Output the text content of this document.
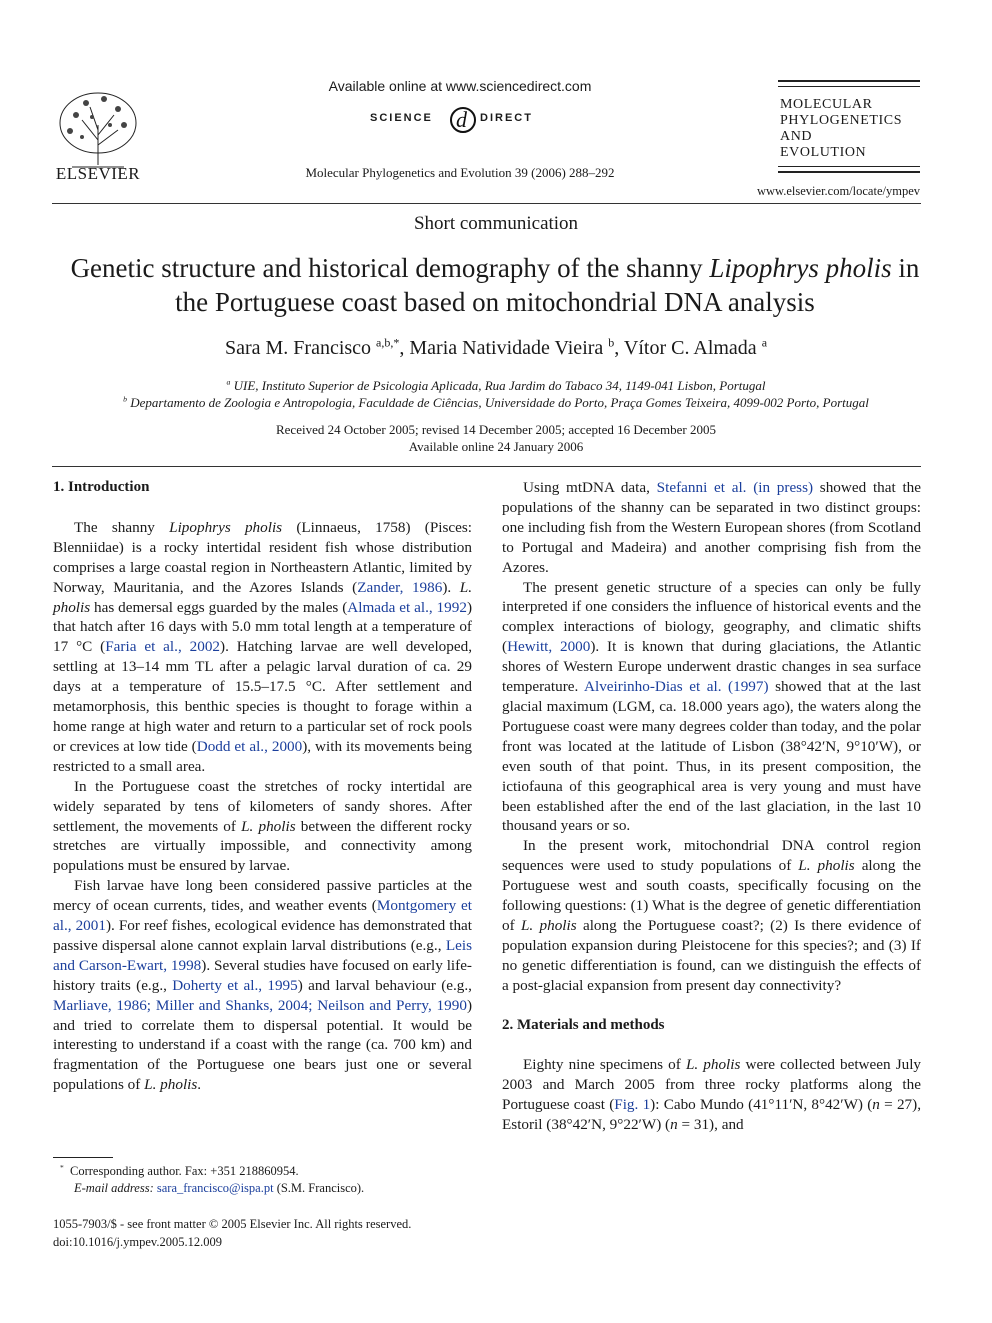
ELSEVIER
Available online at www.sciencedirect.com
SCIENCE d DIRECT
Molecular Phylogenetics and Evolution 39 (2006) 288–292
MOLECULAR
PHYLOGENETICS
AND
EVOLUTION
www.elsevier.com/locate/ympev
Short communication
Genetic structure and historical demography of the shanny Lipophrys pholis in the Portuguese coast based on mitochondrial DNA analysis
Sara M. Francisco $^{a,b,*}$, Maria Natividade Vieira $^b$, Vítor C. Almada $^a$
$^a$ UIE, Instituto Superior de Psicologia Aplicada, Rua Jardim do Tabaco 34, 1149-041 Lisbon, Portugal
$^b$ Departamento de Zoologia e Antropologia, Faculdade de Ciências, Universidade do Porto, Praça Gomes Teixeira, 4099-002 Porto, Portugal
Received 24 October 2005; revised 14 December 2005; accepted 16 December 2005
Available online 24 January 2006
1. Introduction

The shanny Lipophrys pholis (Linnaeus, 1758) (Pisces: Blenniidae) is a rocky intertidal resident fish whose distribution comprises a large coastal region in Northeastern Atlantic, limited by Norway, Mauritania, and the Azores Islands (Zander, 1986). L. pholis has demersal eggs guarded by the males (Almada et al., 1992) that hatch after 16 days with 5.0 mm total length at a temperature of 17 °C (Faria et al., 2002). Hatching larvae are well developed, settling at 13–14 mm TL after a pelagic larval duration of ca. 29 days at a temperature of 15.5–17.5 °C. After settlement and metamorphosis, this benthic species is thought to forage within a home range at high water and return to a particular set of rock pools or crevices at low tide (Dodd et al., 2000), with its movements being restricted to a small area.

In the Portuguese coast the stretches of rocky intertidal are widely separated by tens of kilometers of sandy shores. After settlement, the movements of L. pholis between the different rocky stretches are virtually impossible, and connectivity among populations must be ensured by larvae.

Fish larvae have long been considered passive particles at the mercy of ocean currents, tides, and weather events (Montgomery et al., 2001). For reef fishes, ecological evidence has demonstrated that passive dispersal alone cannot explain larval distributions (e.g., Leis and Carson-Ewart, 1998). Several studies have focused on early life-history traits (e.g., Doherty et al., 1995) and larval behaviour (e.g., Marliave, 1986; Miller and Shanks, 2004; Neilson and Perry, 1990) and tried to correlate them to dispersal potential. It would be interesting to understand if a coast with the range (ca. 700 km) and fragmentation of the Portuguese one bears just one or several populations of L. pholis.

Using mtDNA data, Stefanni et al. (in press) showed that the populations of the shanny can be separated in two distinct groups: one including fish from the Western European shores (from Scotland to Portugal and Madeira) and another comprising fish from the Azores.

The present genetic structure of a species can only be fully interpreted if one considers the influence of historical events and the complex interactions of biology, geography, and climatic shifts (Hewitt, 2000). It is known that during glaciations, the Atlantic shores of Western Europe underwent drastic changes in sea surface temperature. Alveirinho-Dias et al. (1997) showed that at the last glacial maximum (LGM, ca. 18.000 years ago), the waters along the Portuguese coast were many degrees colder than today, and the polar front was located at the latitude of Lisbon (38°42′N, 9°10′W), or even south of that point. Thus, in its present composition, the ictiofauna of this geographical area is very young and must have been established after the end of the last glaciation, in the last 10 thousand years or so.

In the present work, mitochondrial DNA control region sequences were used to study populations of L. pholis along the Portuguese west and south coasts, specifically focusing on the following questions: (1) What is the degree of genetic differentiation of L. pholis along the Portuguese coast?; (2) Is there evidence of population expansion during Pleistocene for this species?; and (3) If no genetic differentiation is found, can we distinguish the effects of a post-glacial expansion from present day connectivity?

2. Materials and methods

Eighty nine specimens of L. pholis were collected between July 2003 and March 2005 from three rocky platforms along the Portuguese coast (Fig. 1): Cabo Mundo (41°11′N, 8°42′W) (n = 27), Estoril (38°42′N, 9°22′W) (n = 31), and

* Corresponding author. Fax: +351 218860954.
E-mail address: sara_francisco@ispa.pt (S.M. Francisco).
1055-7903/$ - see front matter © 2005 Elsevier Inc. All rights reserved.
doi:10.1016/j.ympev.2005.12.009
